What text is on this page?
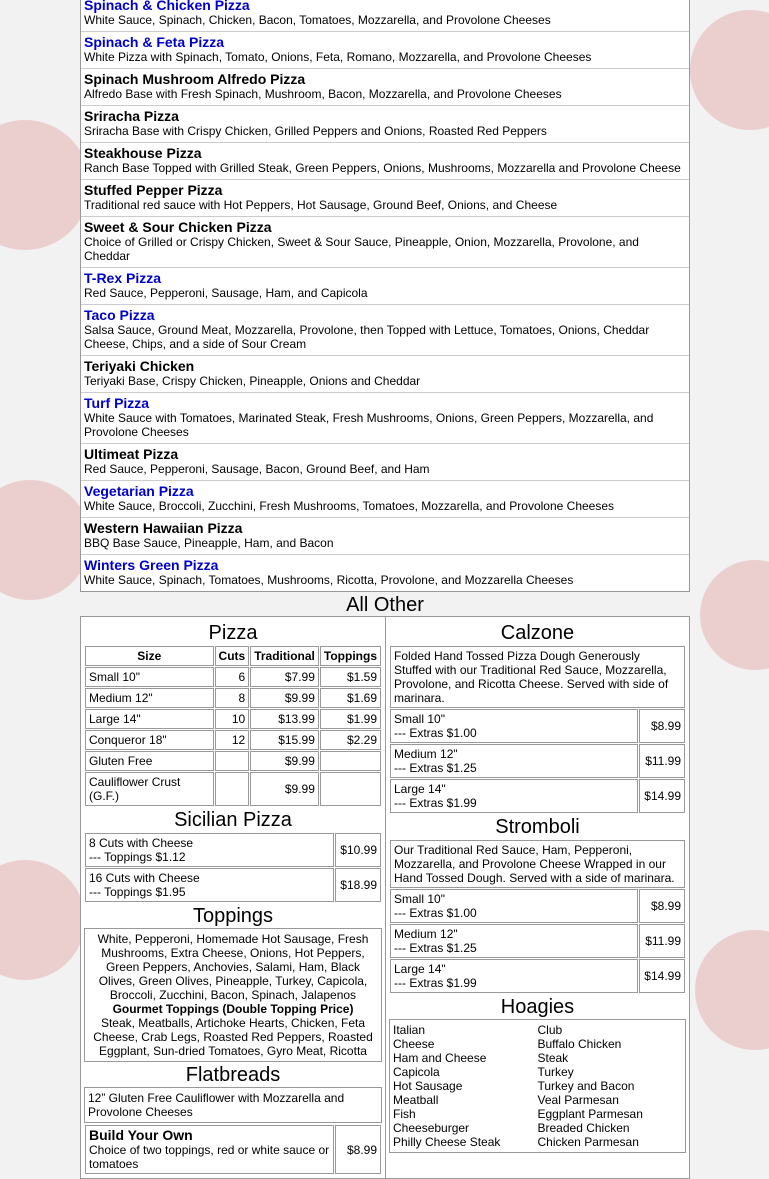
Spinach & Chicken Pizza
White Sauce, Spinach, Chicken, Bacon, Tomatoes, Mozzarella, and Provolone Cheeses
Spinach & Feta Pizza
White Pizza with Spinach, Tomato, Onions, Feta, Romano, Mozzarella, and Provolone Cheeses
Spinach Mushroom Alfredo Pizza
Alfredo Base with Fresh Spinach, Mushroom, Bacon, Mozzarella, and Provolone Cheeses
Sriracha Pizza
Sriracha Base with Crispy Chicken, Grilled Peppers and Onions, Roasted Red Peppers
Steakhouse Pizza
Ranch Base Topped with Grilled Steak, Green Peppers, Onions, Mushrooms, Mozzarella and Provolone Cheese
Stuffed Pepper Pizza
Traditional red sauce with Hot Peppers, Hot Sausage, Ground Beef, Onions, and Cheese
Sweet & Sour Chicken Pizza
Choice of Grilled or Crispy Chicken, Sweet & Sour Sauce, Pineapple, Onion, Mozzarella, Provolone, and Cheddar
T-Rex Pizza
Red Sauce, Pepperoni, Sausage, Ham, and Capicola
Taco Pizza
Salsa Sauce, Ground Meat, Mozzarella, Provolone, then Topped with Lettuce, Tomatoes, Onions, Cheddar Cheese, Chips, and a side of Sour Cream
Teriyaki Chicken
Teriyaki Base, Crispy Chicken, Pineapple, Onions and Cheddar
Turf Pizza
White Sauce with Tomatoes, Marinated Steak, Fresh Mushrooms, Onions, Green Peppers, Mozzarella, and Provolone Cheeses
Ultimeat Pizza
Red Sauce, Pepperoni, Sausage, Bacon, Ground Beef, and Ham
Vegetarian Pizza
White Sauce, Broccoli, Zucchini, Fresh Mushrooms, Tomatoes, Mozzarella, and Provolone Cheeses
Western Hawaiian Pizza
BBQ Base Sauce, Pineapple, Ham, and Bacon
Winters Green Pizza
White Sauce, Spinach, Tomatoes, Mushrooms, Ricotta, Provolone, and Mozzarella Cheeses
All Other
Pizza
Size	Cuts	Traditional	Toppings
Small 10"	6	$7.99	$1.59
Medium 12"	8	$9.99	$1.69
Large 14"	10	$13.99	$1.99
Conqueror 18"	12	$15.99	$2.29
Gluten Free		$9.99	
Cauliflower Crust (G.F.)		$9.99	
Sicilian Pizza
8 Cuts with Cheese
--- Toppings $1.12	$10.99

16 Cuts with Cheese
--- Toppings $1.95	$18.99
Toppings
White, Pepperoni, Homemade Hot Sausage, Fresh Mushrooms, Extra Cheese, Onions, Hot Peppers, Green Peppers, Anchovies, Salami, Ham, Black Olives, Green Olives, Pineapple, Turkey, Capicola, Broccoli, Zucchini, Bacon, Spinach, Jalapenos
Gourmet Toppings (Double Topping Price)
Steak, Meatballs, Artichoke Hearts, Chicken, Feta Cheese, Crab Legs, Roasted Red Peppers, Roasted Eggplant, Sun-dried Tomatoes, Gyro Meat, Ricotta
Flatbreads
12” Gluten Free Cauliflower with Mozzarella and Provolone Cheeses
Build Your Own
Choice of two toppings, red or white sauce or tomatoes
	$8.99
Calzone
Folded Hand Tossed Pizza Dough Generously Stuffed with our Traditional Red Sauce, Mozzarella, Provolone, and Ricotta Cheese. Served with side of marinara.	

Small 10"
--- Extras $1.00	$8.99

Medium 12"
--- Extras $1.25	$11.99

Large 14"
--- Extras $1.99	$14.99
Stromboli
Our Traditional Red Sauce, Ham, Pepperoni, Mozzarella, and Provolone Cheese Wrapped in our Hand Tossed Dough. Served with a side of marinara.	

Small 10"
--- Extras $1.00	$8.99

Medium 12"
--- Extras $1.25	$11.99

Large 14"
--- Extras $1.99	$14.99
Hoagies
Italian
Cheese
Ham and Cheese
Capicola
Hot Sausage
Meatball
Fish
Cheeseburger
Philly Cheese Steak
Club
Buffalo Chicken
Steak
Turkey
Turkey and Bacon
Veal Parmesan
Eggplant Parmesan
Breaded Chicken
Chicken Parmesan
